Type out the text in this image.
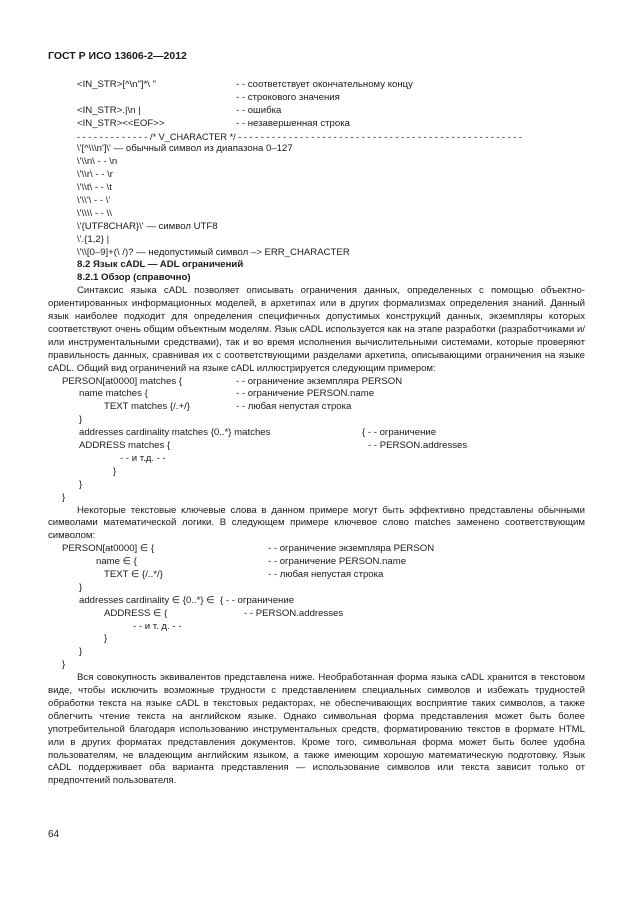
ГОСТ Р ИСО 13606-2—2012
<IN_STR>[^\n"]*\ "	- - соответствует окончательному концу
- - строкового значения
<IN_STR>.|\n |	- - ошибка
<IN_STR><<EOF>>	- - незавершенная строка
- - - - - - - - - - - - - /* V_CHARACTER */ - - - - - - - - - - - - - - - - - - - - - - - - - - - - - - - - - - - - - - - - - - - - - - - - - - -
\'[^\\\n']\' — обычный символ из диапазона 0–127
\'\\n\ - - \n
\'\\r\ - - \r
\'\\t\ - - \t
\'\\'\ - - \'
\'\\\\ - - \\
\'{UTF8CHAR}\' — символ UTF8
\'.{1,2} |
\'\\[0–9]+(\ /)? — недопустимый символ –> ERR_CHARACTER
8.2 Язык cADL — ADL ограничений
8.2.1 Обзор (справочно)

Синтаксис языка cADL позволяет описывать ограничения данных, определенных с помощью объектно-ориентированных информационных моделей, в архетипах или в других формализмах определения знаний. Данный язык наиболее подходит для определения специфичных допустимых конструкций данных, экземпляры которых соответствуют очень общим объектным моделям. Язык cADL используется как на этапе разработки (разработчиками и/или инструментальными средствами), так и во время исполнения вычислительными системами, которые проверяют правильность данных, сравнивая их с соответствующими разделами архетипа, описывающими ограничения на языке cADL. Общий вид ограничений на языке cADL иллюстрируется следующим примером:

PERSON[at0000] matches {	- - ограничение экземпляра PERSON
name matches {	- - ограничение PERSON.name
TEXT matches {/.+/}	- - любая непустая строка
}
addresses cardinality matches {0..*} matches	{ - - ограничение
ADDRESS matches {	- - PERSON.addresses
- - и т.д. - -
}
}
}

Некоторые текстовые ключевые слова в данном примере могут быть эффективно представлены обычными символами математической логики. В следующем примере ключевое слово matches заменено соответствующим символом:

PERSON[at0000] ∈ {	- - ограничение экземпляра PERSON
name ∈ {	- - ограничение PERSON.name
TEXT ∈ {/..*/}	- - любая непустая строка
}
addresses cardinality ∈ {0..*} ∈  { - - ограничение
ADDRESS ∈ {	- - PERSON.addresses
- - и т. д. - -
}
}
}

Вся совокупность эквивалентов представлена ниже. Необработанная форма языка cADL хранится в текстовом виде, чтобы исключить возможные трудности с представлением специальных символов и избежать трудностей обработки текста на языке cADL в текстовых редакторах, не обеспечивающих восприятие таких символов, а также облегчить чтение текста на английском языке. Однако символьная форма представления может быть более употребительной благодаря использованию инструментальных средств, форматированию текстов в формате HTML или в других форматах представления документов. Кроме того, символьная форма может быть более удобна пользователям, не владеющим английским языком, а также имеющим хорошую математическую подготовку. Язык cADL поддерживает оба варианта представления — использование символов или текста зависит только от предпочтений пользователя.

64
